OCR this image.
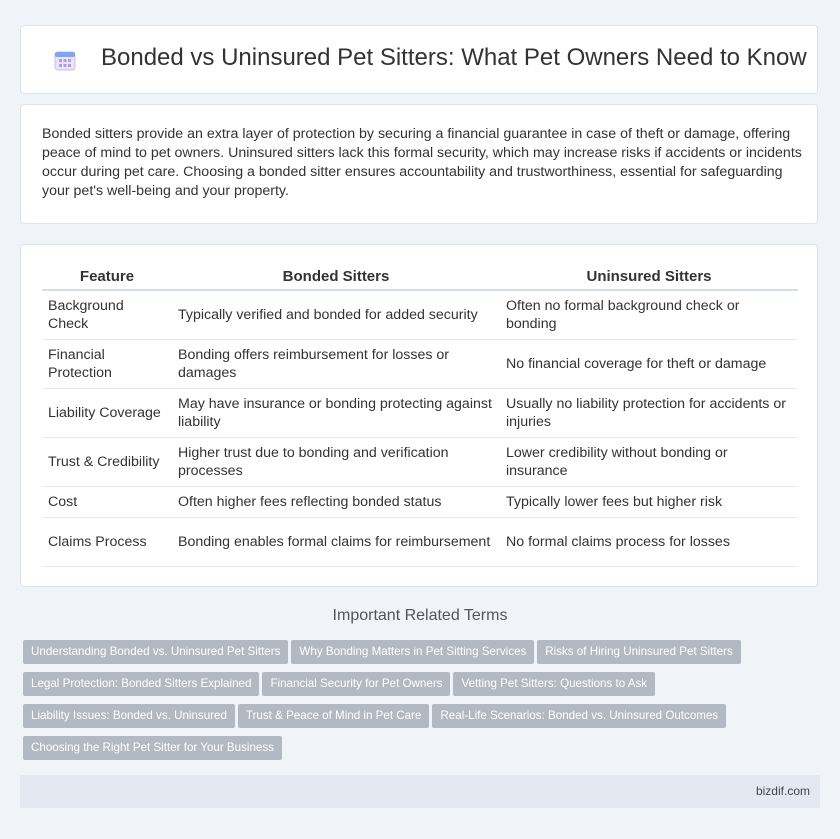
Bonded vs Uninsured Pet Sitters: What Pet Owners Need to Know

Bonded sitters provide an extra layer of protection by securing a financial guarantee in case of theft or damage, offering peace of mind to pet owners. Uninsured sitters lack this formal security, which may increase risks if accidents or incidents occur during pet care. Choosing a bonded sitter ensures accountability and trustworthiness, essential for safeguarding your pet's well-being and your property.

Feature	Bonded Sitters	Uninsured Sitters
Background Check	Typically verified and bonded for added security	Often no formal background check or bonding
Financial Protection	Bonding offers reimbursement for losses or damages	No financial coverage for theft or damage
Liability Coverage	May have insurance or bonding protecting against liability	Usually no liability protection for accidents or injuries
Trust & Credibility	Higher trust due to bonding and verification processes	Lower credibility without bonding or insurance
Cost	Often higher fees reflecting bonded status	Typically lower fees but higher risk
Claims Process	Bonding enables formal claims for reimbursement	No formal claims process for losses
Important Related Terms
Understanding Bonded vs. Uninsured Pet Sitters Why Bonding Matters in Pet Sitting Services Risks of Hiring Uninsured Pet Sitters
Legal Protection: Bonded Sitters Explained Financial Security for Pet Owners Vetting Pet Sitters: Questions to Ask
Liability Issues: Bonded vs. Uninsured Trust & Peace of Mind in Pet Care Real-Life Scenarios: Bonded vs. Uninsured Outcomes
Choosing the Right Pet Sitter for Your Business
bizdif.com
